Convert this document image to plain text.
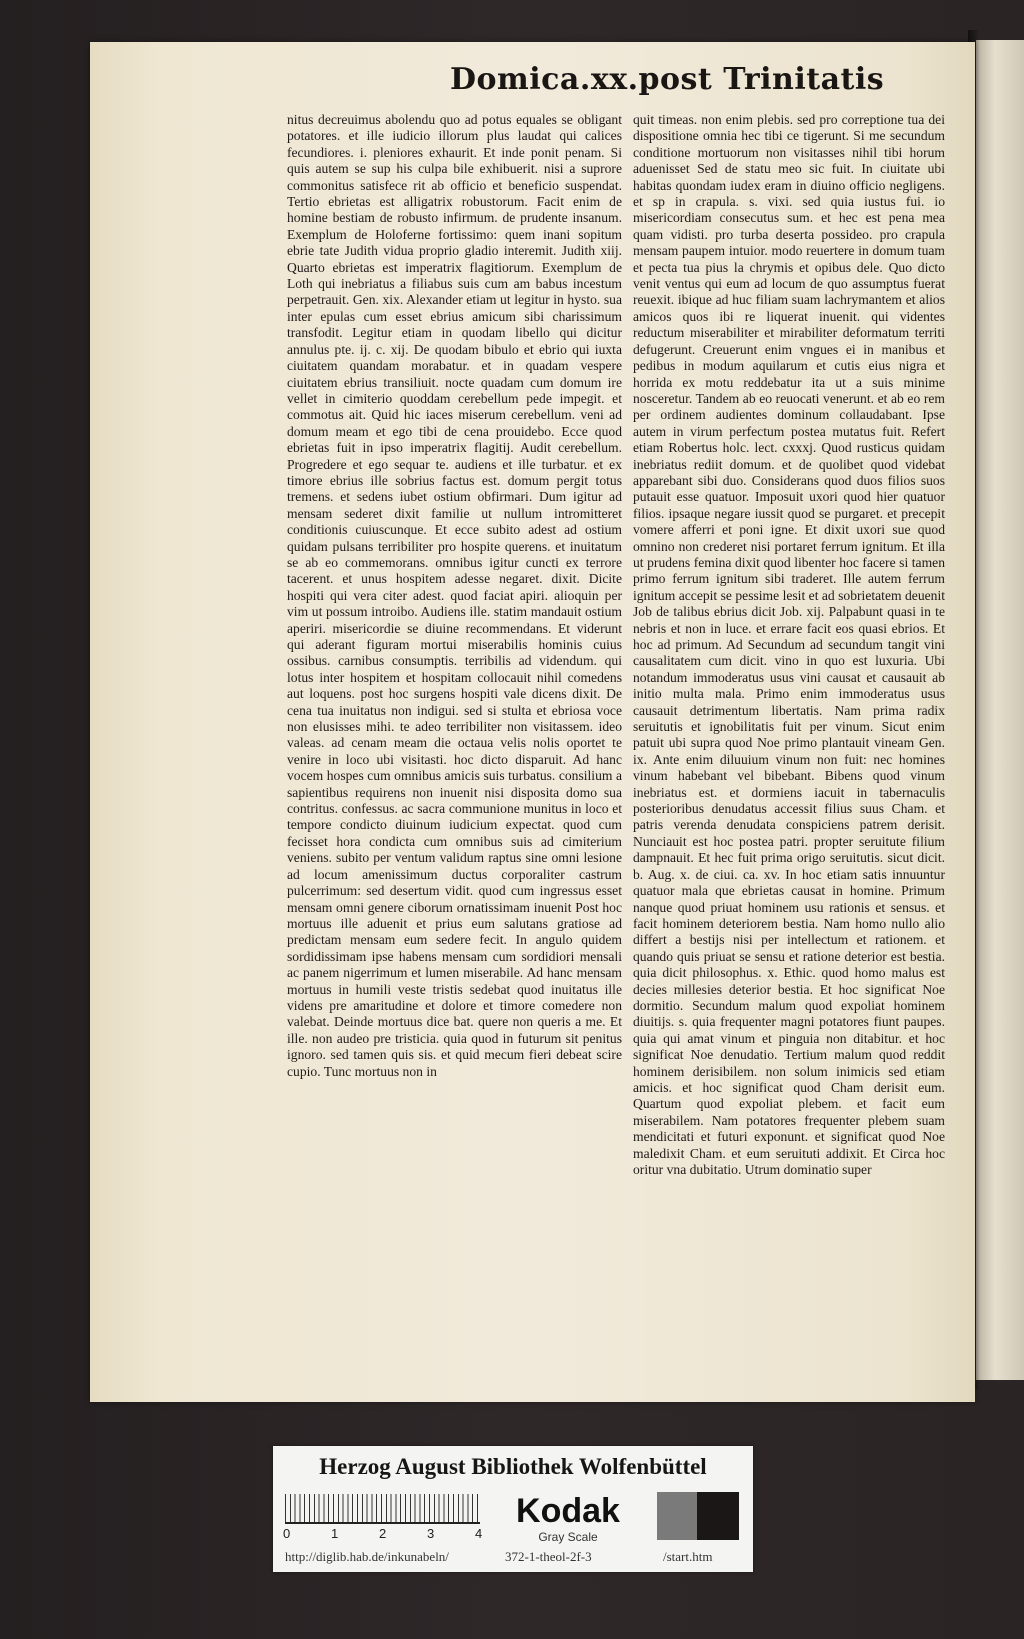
Domica.xx.post Trinitatis
nitus decreuimus abolendu quo ad potus equales se obligant potatores. et ille iudicio illorum plus laudat qui calices fecundiores. i. pleniores exhaurit. Et inde ponit penam. Si quis autem se sup his culpa bile exhibuerit. nisi a suprore commonitus satisfece rit ab officio et beneficio suspendat. Tertio ebrietas est alligatrix robustorum. Facit enim de homine bestiam de robusto infirmum. de prudente insanum. Exemplum de Holoferne fortissimo: quem inani sopitum ebrie tate Judith vidua proprio gladio interemit. Judith xiij. Quarto ebrietas est imperatrix flagitiorum. Exemplum de Loth qui inebriatus a filiabus suis cum am babus incestum perpetrauit. Gen. xix. Alexander etiam ut legitur in hysto. sua inter epulas cum esset ebrius amicum sibi charissimum transfodit. Legitur etiam in quodam libello qui dicitur annulus pte. ij. c. xij. De quodam bibulo et ebrio qui iuxta ciuitatem quandam morabatur. et in quadam vespere ciuitatem ebrius transiliuit. nocte quadam cum domum ire vellet in cimiterio quoddam cerebellum pede impegit. et commotus ait. Quid hic iaces miserum cerebellum. veni ad domum meam et ego tibi de cena prouidebo. Ecce quod ebrietas fuit in ipso imperatrix flagitij. Audit cerebellum. Progredere et ego sequar te. audiens et ille turbatur. et ex timore ebrius ille sobrius factus est. domum pergit totus tremens. et sedens iubet ostium obfirmari. Dum igitur ad mensam sederet dixit familie ut nullum intromitteret conditionis cuiuscunque. Et ecce subito adest ad ostium quidam pulsans terribiliter pro hospite querens. et inuitatum se ab eo commemorans. omnibus igitur cuncti ex terrore tacerent. et unus hospitem adesse negaret. dixit. Dicite hospiti qui vera citer adest. quod faciat apiri. alioquin per vim ut possum introibo. Audiens ille. statim mandauit ostium aperiri. misericordie se diuine recommendans. Et viderunt qui aderant figuram mortui miserabilis hominis cuius ossibus. carnibus consumptis. terribilis ad videndum. qui lotus inter hospitem et hospitam collocauit nihil comedens aut loquens. post hoc surgens hospiti vale dicens dixit. De cena tua inuitatus non indigui. sed si stulta et ebriosa voce non elusisses mihi. te adeo terribiliter non visitassem. ideo valeas. ad cenam meam die octaua velis nolis oportet te venire in loco ubi visitasti. hoc dicto disparuit. Ad hanc vocem hospes cum omnibus amicis suis turbatus. consilium a sapientibus requirens non inuenit nisi disposita domo sua contritus. confessus. ac sacra communione munitus in loco et tempore condicto diuinum iudicium expectat. quod cum fecisset hora condicta cum omnibus suis ad cimiterium veniens. subito per ventum validum raptus sine omni lesione ad locum amenissimum ductus corporaliter castrum pulcerrimum: sed desertum vidit. quod cum ingressus esset mensam omni genere ciborum ornatissimam inuenit Post hoc mortuus ille aduenit et prius eum salutans gratiose ad predictam mensam eum sedere fecit. In angulo quidem sordidissimam ipse habens mensam cum sordidiori mensali ac panem nigerrimum et lumen miserabile. Ad hanc mensam mortuus in humili veste tristis sedebat quod inuitatus ille videns pre amaritudine et dolore et timore comedere non valebat. Deinde mortuus dice bat. quere non queris a me. Et ille. non audeo pre tristicia. quia quod in futurum sit penitus ignoro. sed tamen quis sis. et quid mecum fieri debeat scire cupio. Tunc mortuus non in
quit timeas. non enim plebis. sed pro correptione tua dei dispositione omnia hec tibi ce tigerunt. Si me secundum conditione mortuorum non visitasses nihil tibi horum aduenisset Sed de statu meo sic fuit. In ciuitate ubi habitas quondam iudex eram in diuino officio negligens. et sp in crapula. s. vixi. sed quia iustus fui. io misericordiam consecutus sum. et hec est pena mea quam vidisti. pro turba deserta possideo. pro crapula mensam paupem intuior. modo reuertere in domum tuam et pecta tua pius la chrymis et opibus dele. Quo dicto venit ventus qui eum ad locum de quo assumptus fuerat reuexit. ibique ad huc filiam suam lachrymantem et alios amicos quos ibi re liquerat inuenit. qui videntes reductum miserabiliter et mirabiliter deformatum territi defugerunt. Creuerunt enim vngues ei in manibus et pedibus in modum aquilarum et cutis eius nigra et horrida ex motu reddebatur ita ut a suis minime nosceretur. Tandem ab eo reuocati venerunt. et ab eo rem per ordinem audientes dominum collaudabant. Ipse autem in virum perfectum postea mutatus fuit. Refert etiam Robertus holc. lect. cxxxj. Quod rusticus quidam inebriatus rediit domum. et de quolibet quod videbat apparebant sibi duo. Considerans quod duos filios suos putauit esse quatuor. Imposuit uxori quod hier quatuor filios. ipsaque negare iussit quod se purgaret. et precepit vomere afferri et poni igne. Et dixit uxori sue quod omnino non crederet nisi portaret ferrum ignitum. Et illa ut prudens femina dixit quod libenter hoc facere si tamen primo ferrum ignitum sibi traderet. Ille autem ferrum ignitum accepit se pessime lesit et ad sobrietatem deuenit Job de talibus ebrius dicit Job. xij. Palpabunt quasi in te nebris et non in luce. et errare facit eos quasi ebrios. Et hoc ad primum. Ad Secundum ad secundum tangit vini causalitatem cum dicit. vino in quo est luxuria. Ubi notandum immoderatus usus vini causat et causauit ab initio multa mala. Primo enim immoderatus usus causauit detrimentum libertatis. Nam prima radix seruitutis et ignobilitatis fuit per vinum. Sicut enim patuit ubi supra quod Noe primo plantauit vineam Gen. ix. Ante enim diluuium vinum non fuit: nec homines vinum habebant vel bibebant. Bibens quod vinum inebriatus est. et dormiens iacuit in tabernaculis posterioribus denudatus accessit filius suus Cham. et patris verenda denudata conspiciens patrem derisit. Nunciauit est hoc postea patri. propter seruitute filium dampnauit. Et hec fuit prima origo seruitutis. sicut dicit. b. Aug. x. de ciui. ca. xv. In hoc etiam satis innuuntur quatuor mala que ebrietas causat in homine. Primum nanque quod priuat hominem usu rationis et sensus. et facit hominem deteriorem bestia. Nam homo nullo alio differt a bestijs nisi per intellectum et rationem. et quando quis priuat se sensu et ratione deterior est bestia. quia dicit philosophus. x. Ethic. quod homo malus est decies millesies deterior bestia. Et hoc significat Noe dormitio. Secundum malum quod expoliat hominem diuitijs. s. quia frequenter magni potatores fiunt paupes. quia qui amat vinum et pinguia non ditabitur. et hoc significat Noe denudatio. Tertium malum quod reddit hominem derisibilem. non solum inimicis sed etiam amicis. et hoc significat quod Cham derisit eum. Quartum quod expoliat plebem. et facit eum miserabilem. Nam potatores frequenter plebem suam mendicitati et futuri exponunt. et significat quod Noe maledixit Cham. et eum seruituti addixit. Et Circa hoc oritur vna dubitatio. Utrum dominatio super
Herzog August Bibliothek Wolfenbüttel
0	1	2	3	4
Kodak
Gray Scale
http://diglib.hab.de/inkunabeln/	372-1-theol-2f-3	/start.htm
